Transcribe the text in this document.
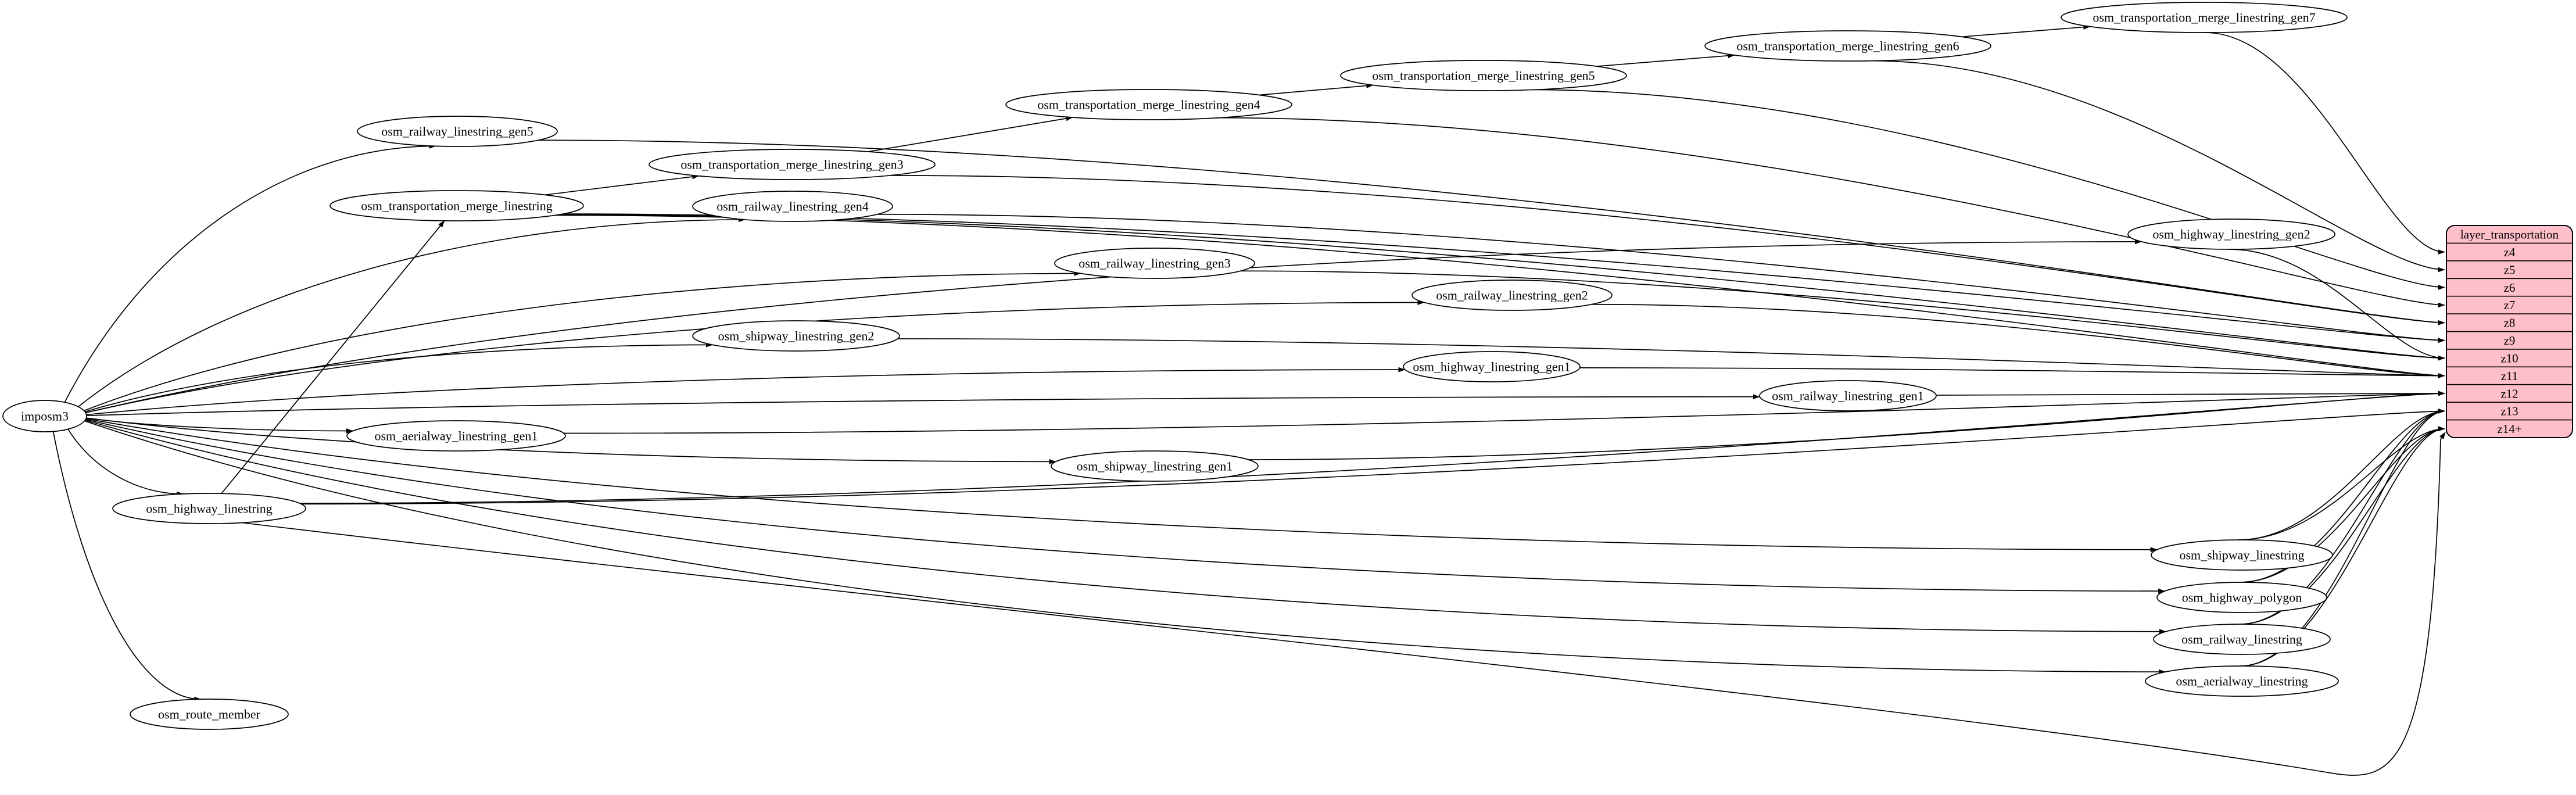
imposm3
osm_railway_linestring_gen5
osm_transportation_merge_linestring
osm_transportation_merge_linestring_gen3
osm_railway_linestring_gen4
osm_transportation_merge_linestring_gen4
osm_transportation_merge_linestring_gen5
osm_transportation_merge_linestring_gen6
osm_transportation_merge_linestring_gen7
osm_railway_linestring_gen3
osm_railway_linestring_gen2
osm_shipway_linestring_gen2
osm_highway_linestring_gen1
osm_railway_linestring_gen1
osm_highway_linestring_gen2
osm_aerialway_linestring_gen1
osm_shipway_linestring_gen1
osm_highway_linestring
osm_shipway_linestring
osm_highway_polygon
osm_railway_linestring
osm_aerialway_linestring
osm_route_member
layer_transportation
z4
z5
z6
z7
z8
z9
z10
z11
z12
z13
z14+
